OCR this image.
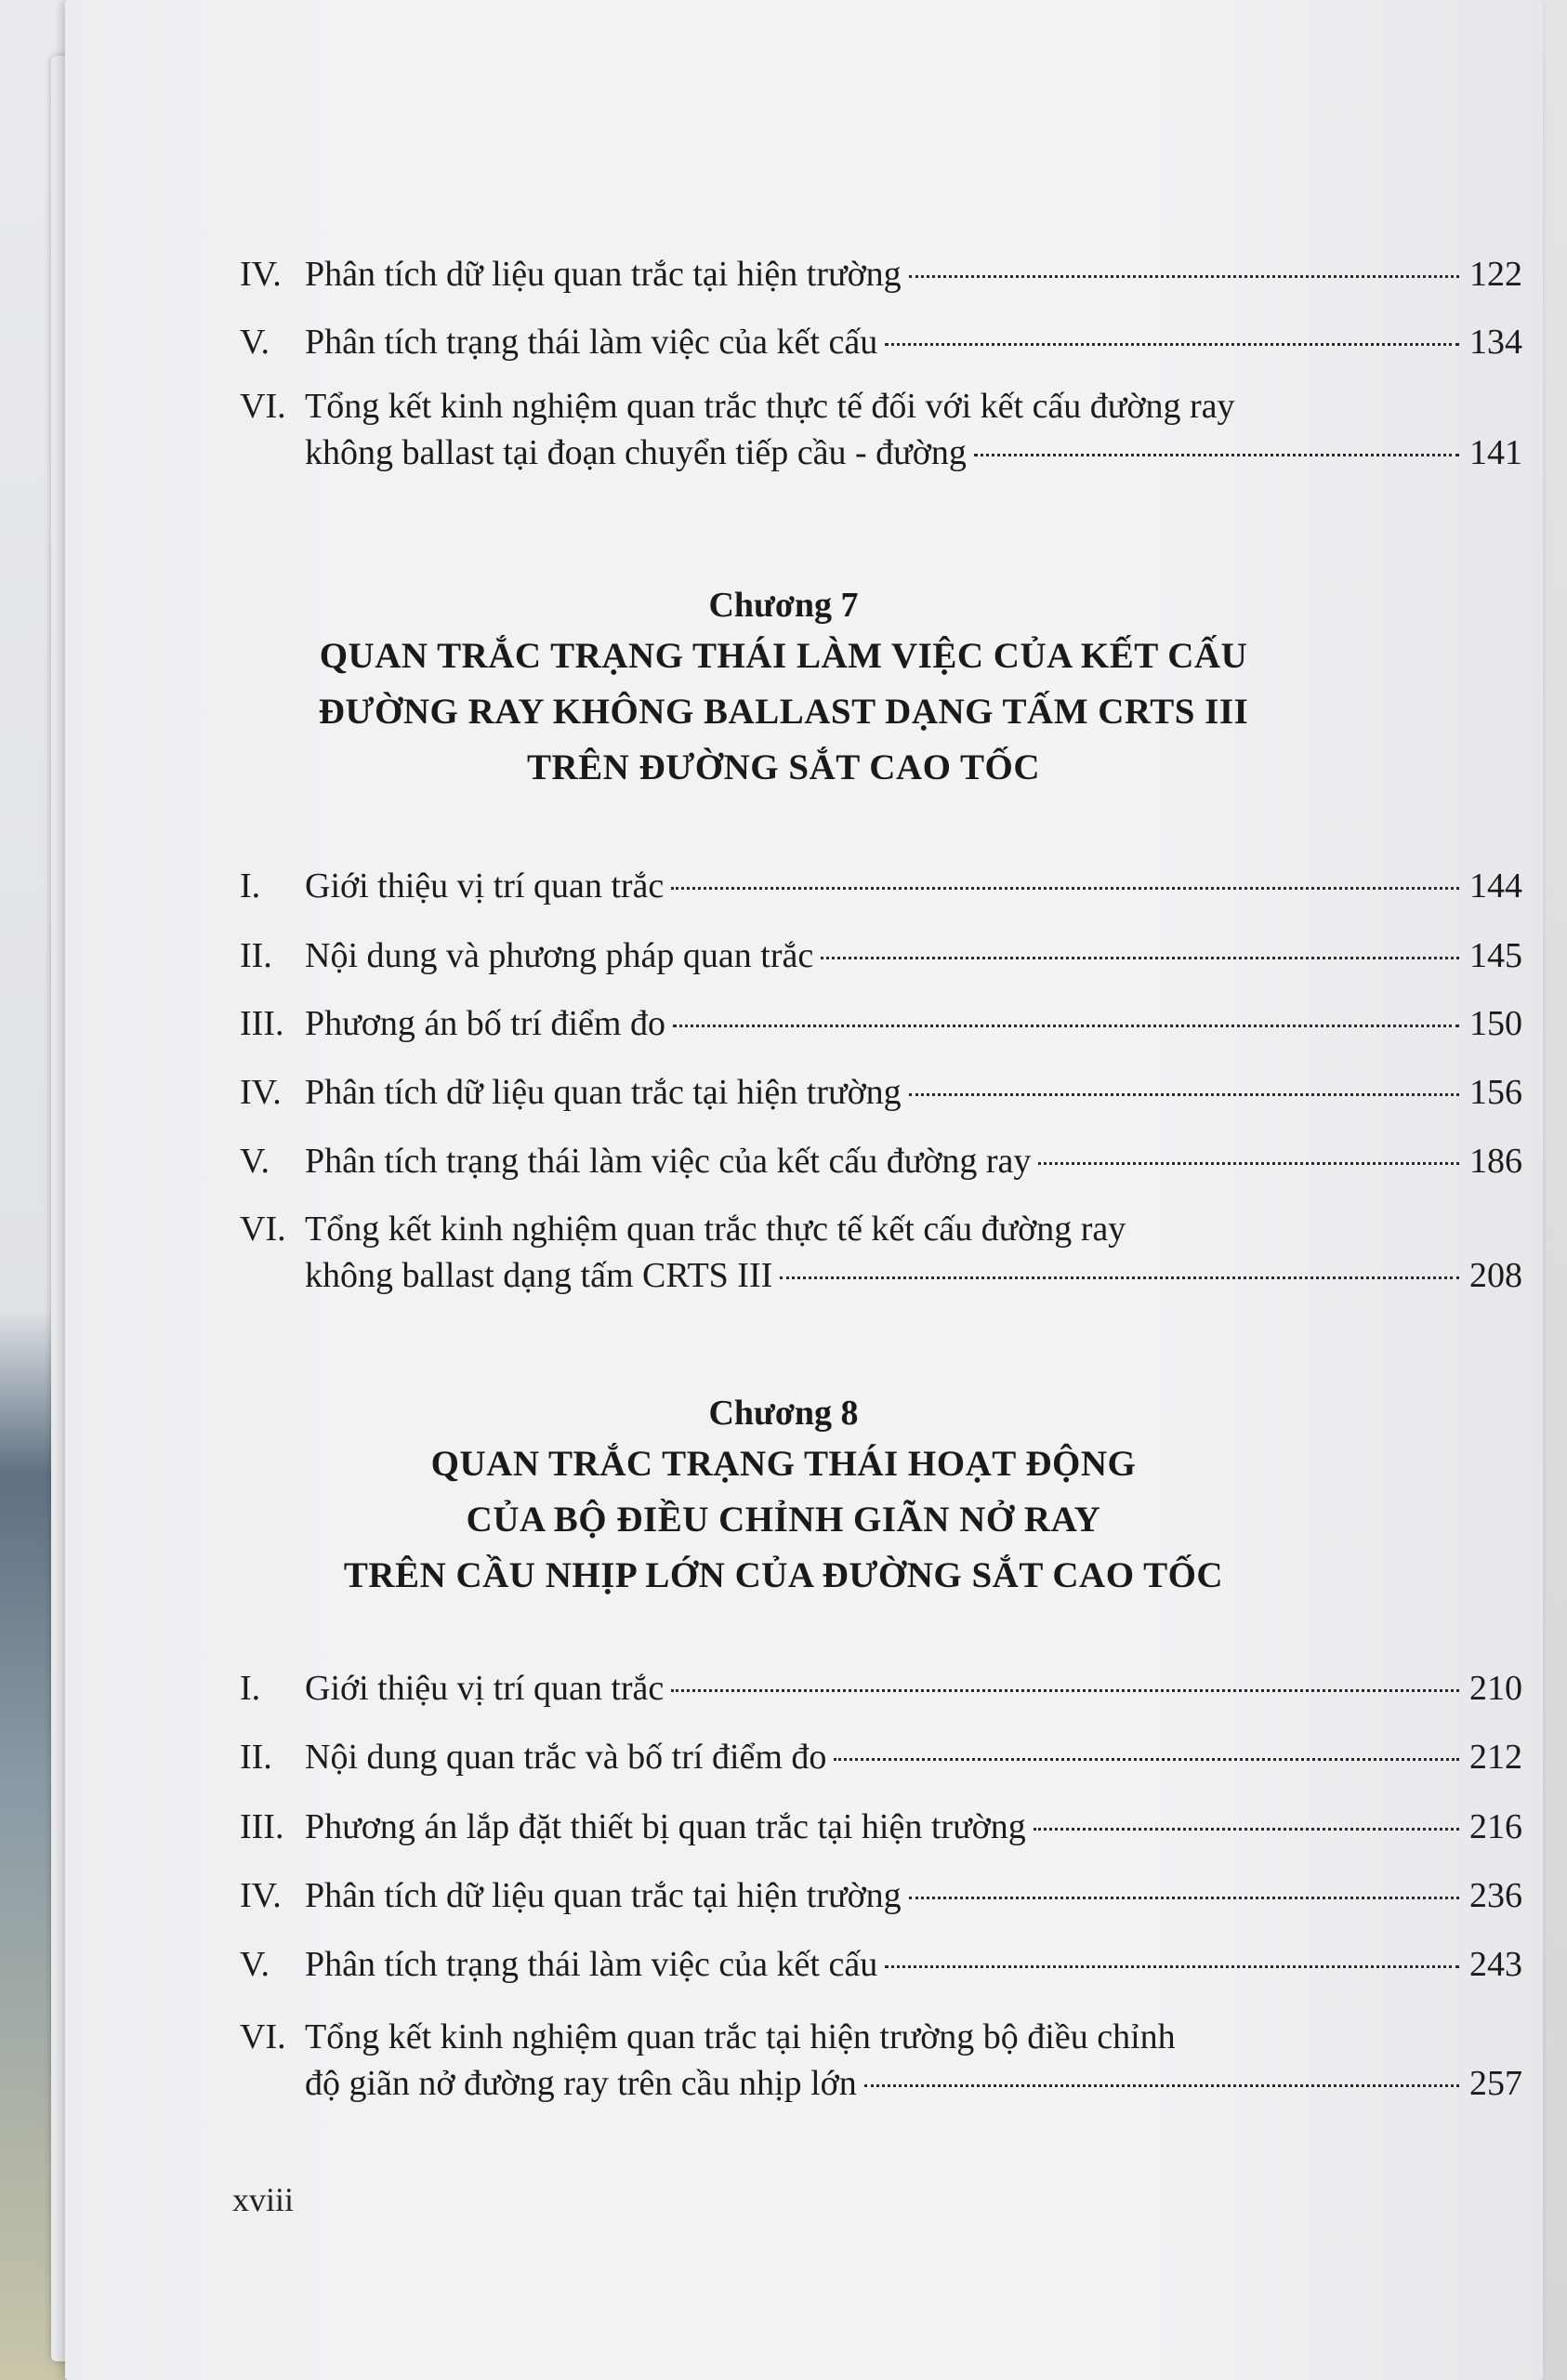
IV. Phân tích dữ liệu quan trắc tại hiện trường	122
V. Phân tích trạng thái làm việc của kết cấu	134
VI. Tổng kết kinh nghiệm quan trắc thực tế đối với kết cấu đường ray
không ballast tại đoạn chuyển tiếp cầu - đường	141
Chương 7
QUAN TRẮC TRẠNG THÁI LÀM VIỆC CỦA KẾT CẤU
ĐƯỜNG RAY KHÔNG BALLAST DẠNG TẤM CRTS III
TRÊN ĐƯỜNG SẮT CAO TỐC
I.	Giới thiệu vị trí quan trắc	144
II. Nội dung và phương pháp quan trắc	145
III. Phương án bố trí điểm đo	150
IV. Phân tích dữ liệu quan trắc tại hiện trường	156
V. Phân tích trạng thái làm việc của kết cấu đường ray	186
VI. Tổng kết kinh nghiệm quan trắc thực tế kết cấu đường ray
không ballast dạng tấm CRTS III	208
Chương 8
QUAN TRẮC TRẠNG THÁI HOẠT ĐỘNG
CỦA BỘ ĐIỀU CHỈNH GIÃN NỞ RAY
TRÊN CẦU NHỊP LỚN CỦA ĐƯỜNG SẮT CAO TỐC
I.	Giới thiệu vị trí quan trắc	210
II. Nội dung quan trắc và bố trí điểm đo	212
III. Phương án lắp đặt thiết bị quan trắc tại hiện trường	216
IV. Phân tích dữ liệu quan trắc tại hiện trường	236
V. Phân tích trạng thái làm việc của kết cấu	243
VI. Tổng kết kinh nghiệm quan trắc tại hiện trường bộ điều chỉnh
độ giãn nở đường ray trên cầu nhịp lớn	257
xviii
